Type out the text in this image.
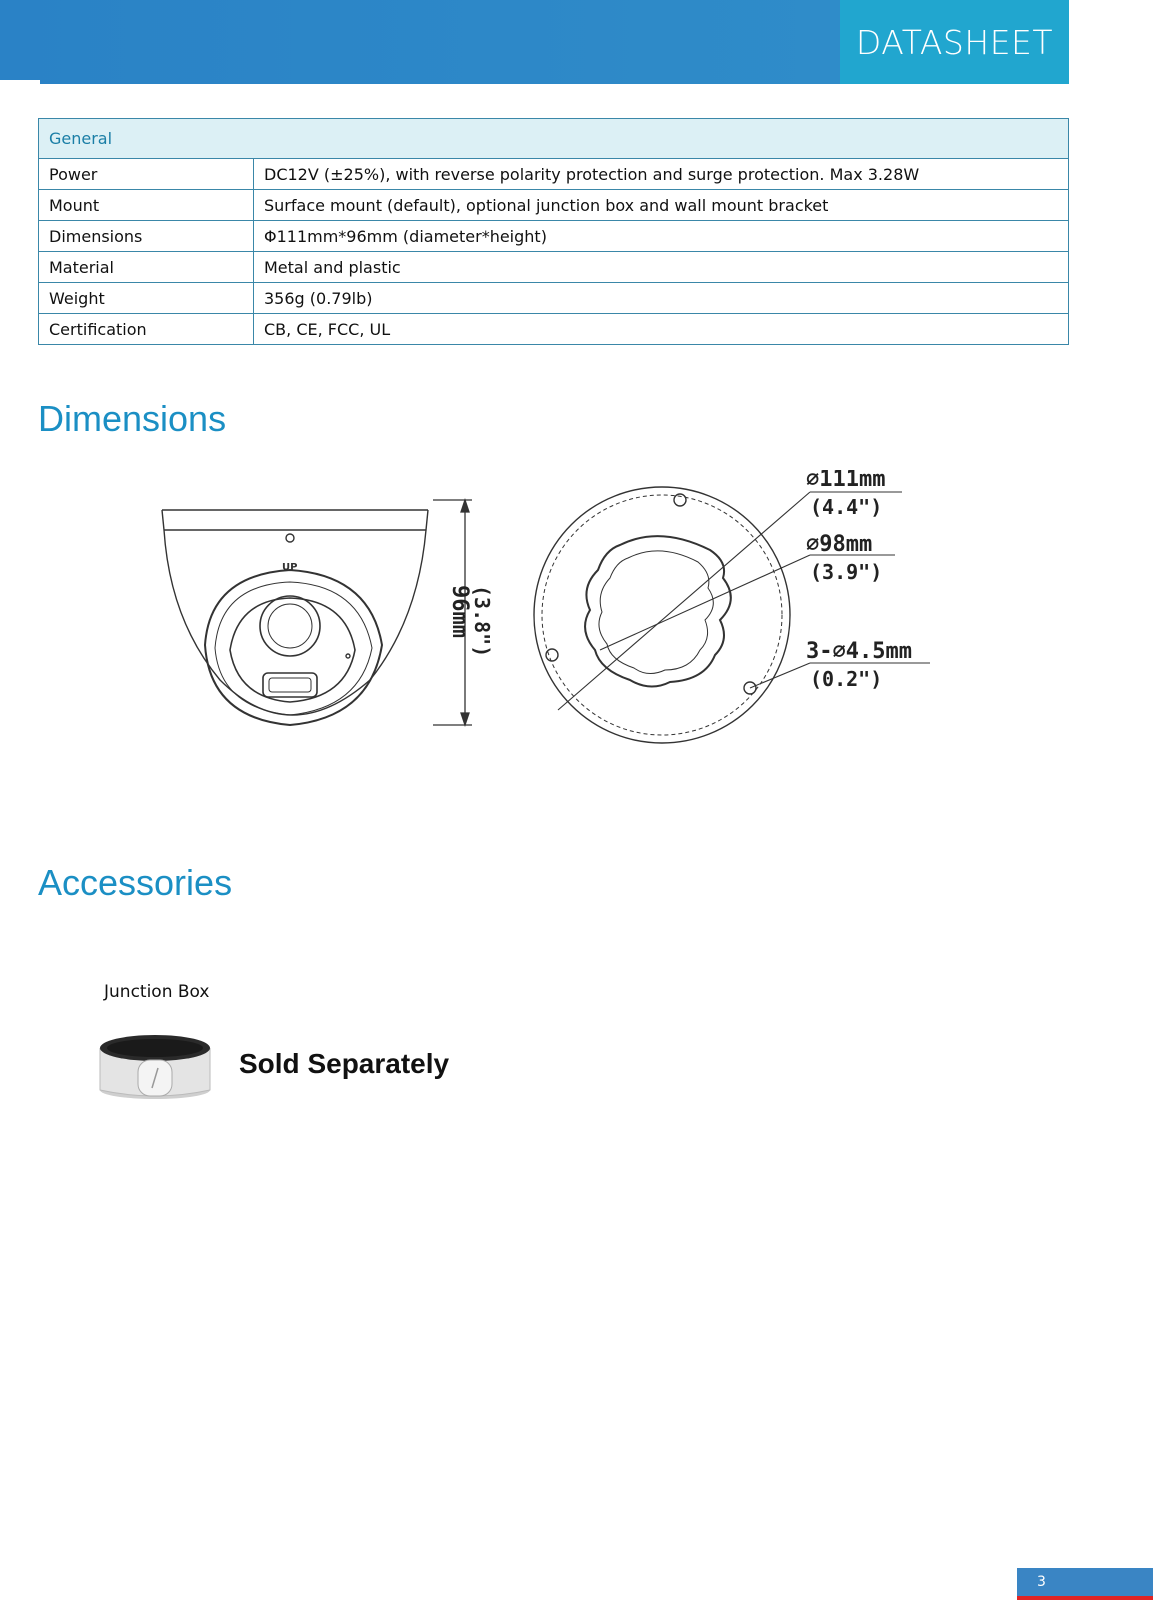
DATASHEET
General	
Power	DC12V (±25%), with reverse polarity protection and surge protection. Max 3.28W
Mount	Surface mount (default), optional junction box and wall mount bracket
Dimensions	Φ111mm*96mm (diameter*height)
Material	Metal and plastic
Weight	356g (0.79lb)
Certification	CB, CE, FCC, UL
Dimensions
UP
96mm
(3.8")
∅111mm
(4.4")
∅98mm
(3.9")
3-∅4.5mm
(0.2")
Accessories
Junction Box
Sold Separately
3
